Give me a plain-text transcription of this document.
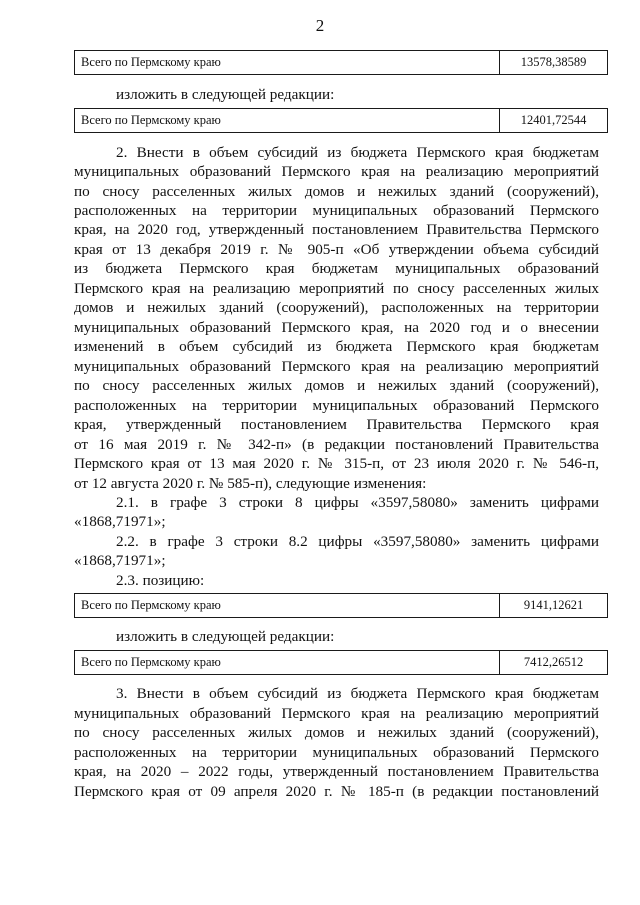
2
Всего по Пермскому краю	13578,38589
изложить в следующей редакции:
Всего по Пермскому краю	12401,72544
2. Внести в объем субсидий из бюджета Пермского края бюджетам
муниципальных образований Пермского края на реализацию мероприятий
по сносу расселенных жилых домов и нежилых зданий (сооружений),
расположенных на территории муниципальных образований Пермского
края, на 2020 год, утвержденный постановлением Правительства Пермского
края от 13 декабря 2019 г. № 905-п «Об утверждении объема субсидий
из бюджета Пермского края бюджетам муниципальных образований
Пермского края на реализацию мероприятий по сносу расселенных жилых
домов и нежилых зданий (сооружений), расположенных на территории
муниципальных образований Пермского края, на 2020 год и о внесении
изменений в объем субсидий из бюджета Пермского края бюджетам
муниципальных образований Пермского края на реализацию мероприятий
по сносу расселенных жилых домов и нежилых зданий (сооружений),
расположенных на территории муниципальных образований Пермского
края, утвержденный постановлением Правительства Пермского края
от 16 мая 2019 г. № 342-п» (в редакции постановлений Правительства
Пермского края от 13 мая 2020 г. № 315-п, от 23 июля 2020 г. № 546-п,
от 12 августа 2020 г. № 585-п), следующие изменения:
2.1. в графе 3 строки 8 цифры «3597,58080» заменить цифрами
«1868,71971»;
2.2. в графе 3 строки 8.2 цифры «3597,58080» заменить цифрами
«1868,71971»;
2.3. позицию:
Всего по Пермскому краю	9141,12621
изложить в следующей редакции:
Всего по Пермскому краю	7412,26512
3. Внести в объем субсидий из бюджета Пермского края бюджетам
муниципальных образований Пермского края на реализацию мероприятий
по сносу расселенных жилых домов и нежилых зданий (сооружений),
расположенных на территории муниципальных образований Пермского
края, на 2020 – 2022 годы, утвержденный постановлением Правительства
Пермского края от 09 апреля 2020 г. № 185-п (в редакции постановлений
